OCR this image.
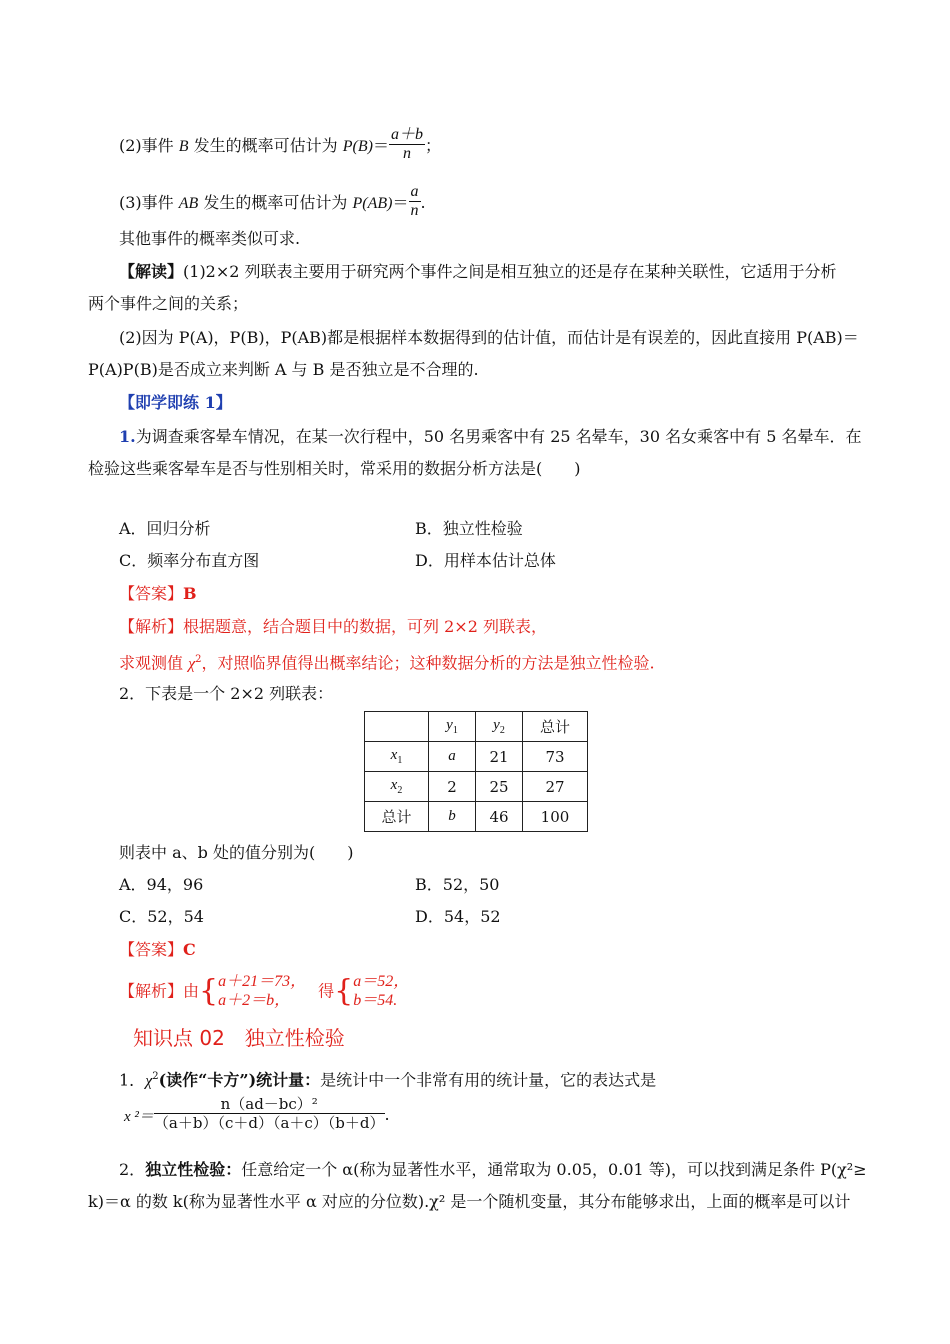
(2)事件 B 发生的概率可估计为 $P(B)= \frac{a+b}{n}$ ；
(3)事件 AB 发生的概率可估计为 $P(AB)= \frac{a}{n}$ .
其他事件的概率类似可求.
【解读】(1)2×2 列联表主要用于研究两个事件之间是相互独立的还是存在某种关联性，它适用于分析
两个事件之间的关系；
(2)因为 P(A)，P(B)，P(AB)都是根据样本数据得到的估计值，而估计是有误差的，因此直接用 P(AB)＝
P(A)P(B)是否成立来判断 A 与 B 是否独立是不合理的.
【即学即练 1】
1.为调查乘客晕车情况，在某一次行程中，50 名男乘客中有 25 名晕车，30 名女乘客中有 5 名晕车．在
检验这些乘客晕车是否与性别相关时，常采用的数据分析方法是(　　)
A．回归分析	B．独立性检验
C．频率分布直方图	D．用样本估计总体
【答案】B
【解析】根据题意，结合题目中的数据，可列 2×2 列联表，
求观测值 $\chi^2$，对照临界值得出概率结论；这种数据分析的方法是独立性检验.
2．下表是一个 2×2 列联表：
	$y_1$	$y_2$	总计
$x_1$	a	21	73
$x_2$	2	25	27
总计	b	46	100
则表中 a、b 处的值分别为(　　)
A．94，96	B．52，50
C．52，54	D．54，52
【答案】C
【解析】由{ a＋21＝73，
a＋2＝b，	得{ a＝52，
b＝54.
知识点 02　独立性检验
1．$\chi^2$(读作“卡方”)统计量：是统计中一个非常有用的统计量，它的表达式是
x $^2= \frac{\text{n（ad－bc）²}}{(a+b)(c+d)(a+c)(b+d)}$ .
2．独立性检验：任意给定一个 α(称为显著性水平，通常取为 0.05，0.01 等)，可以找到满足条件 P(χ²≥
k)＝α 的数 k(称为显著性水平 α 对应的分位数).χ² 是一个随机变量，其分布能够求出，上面的概率是可以计
